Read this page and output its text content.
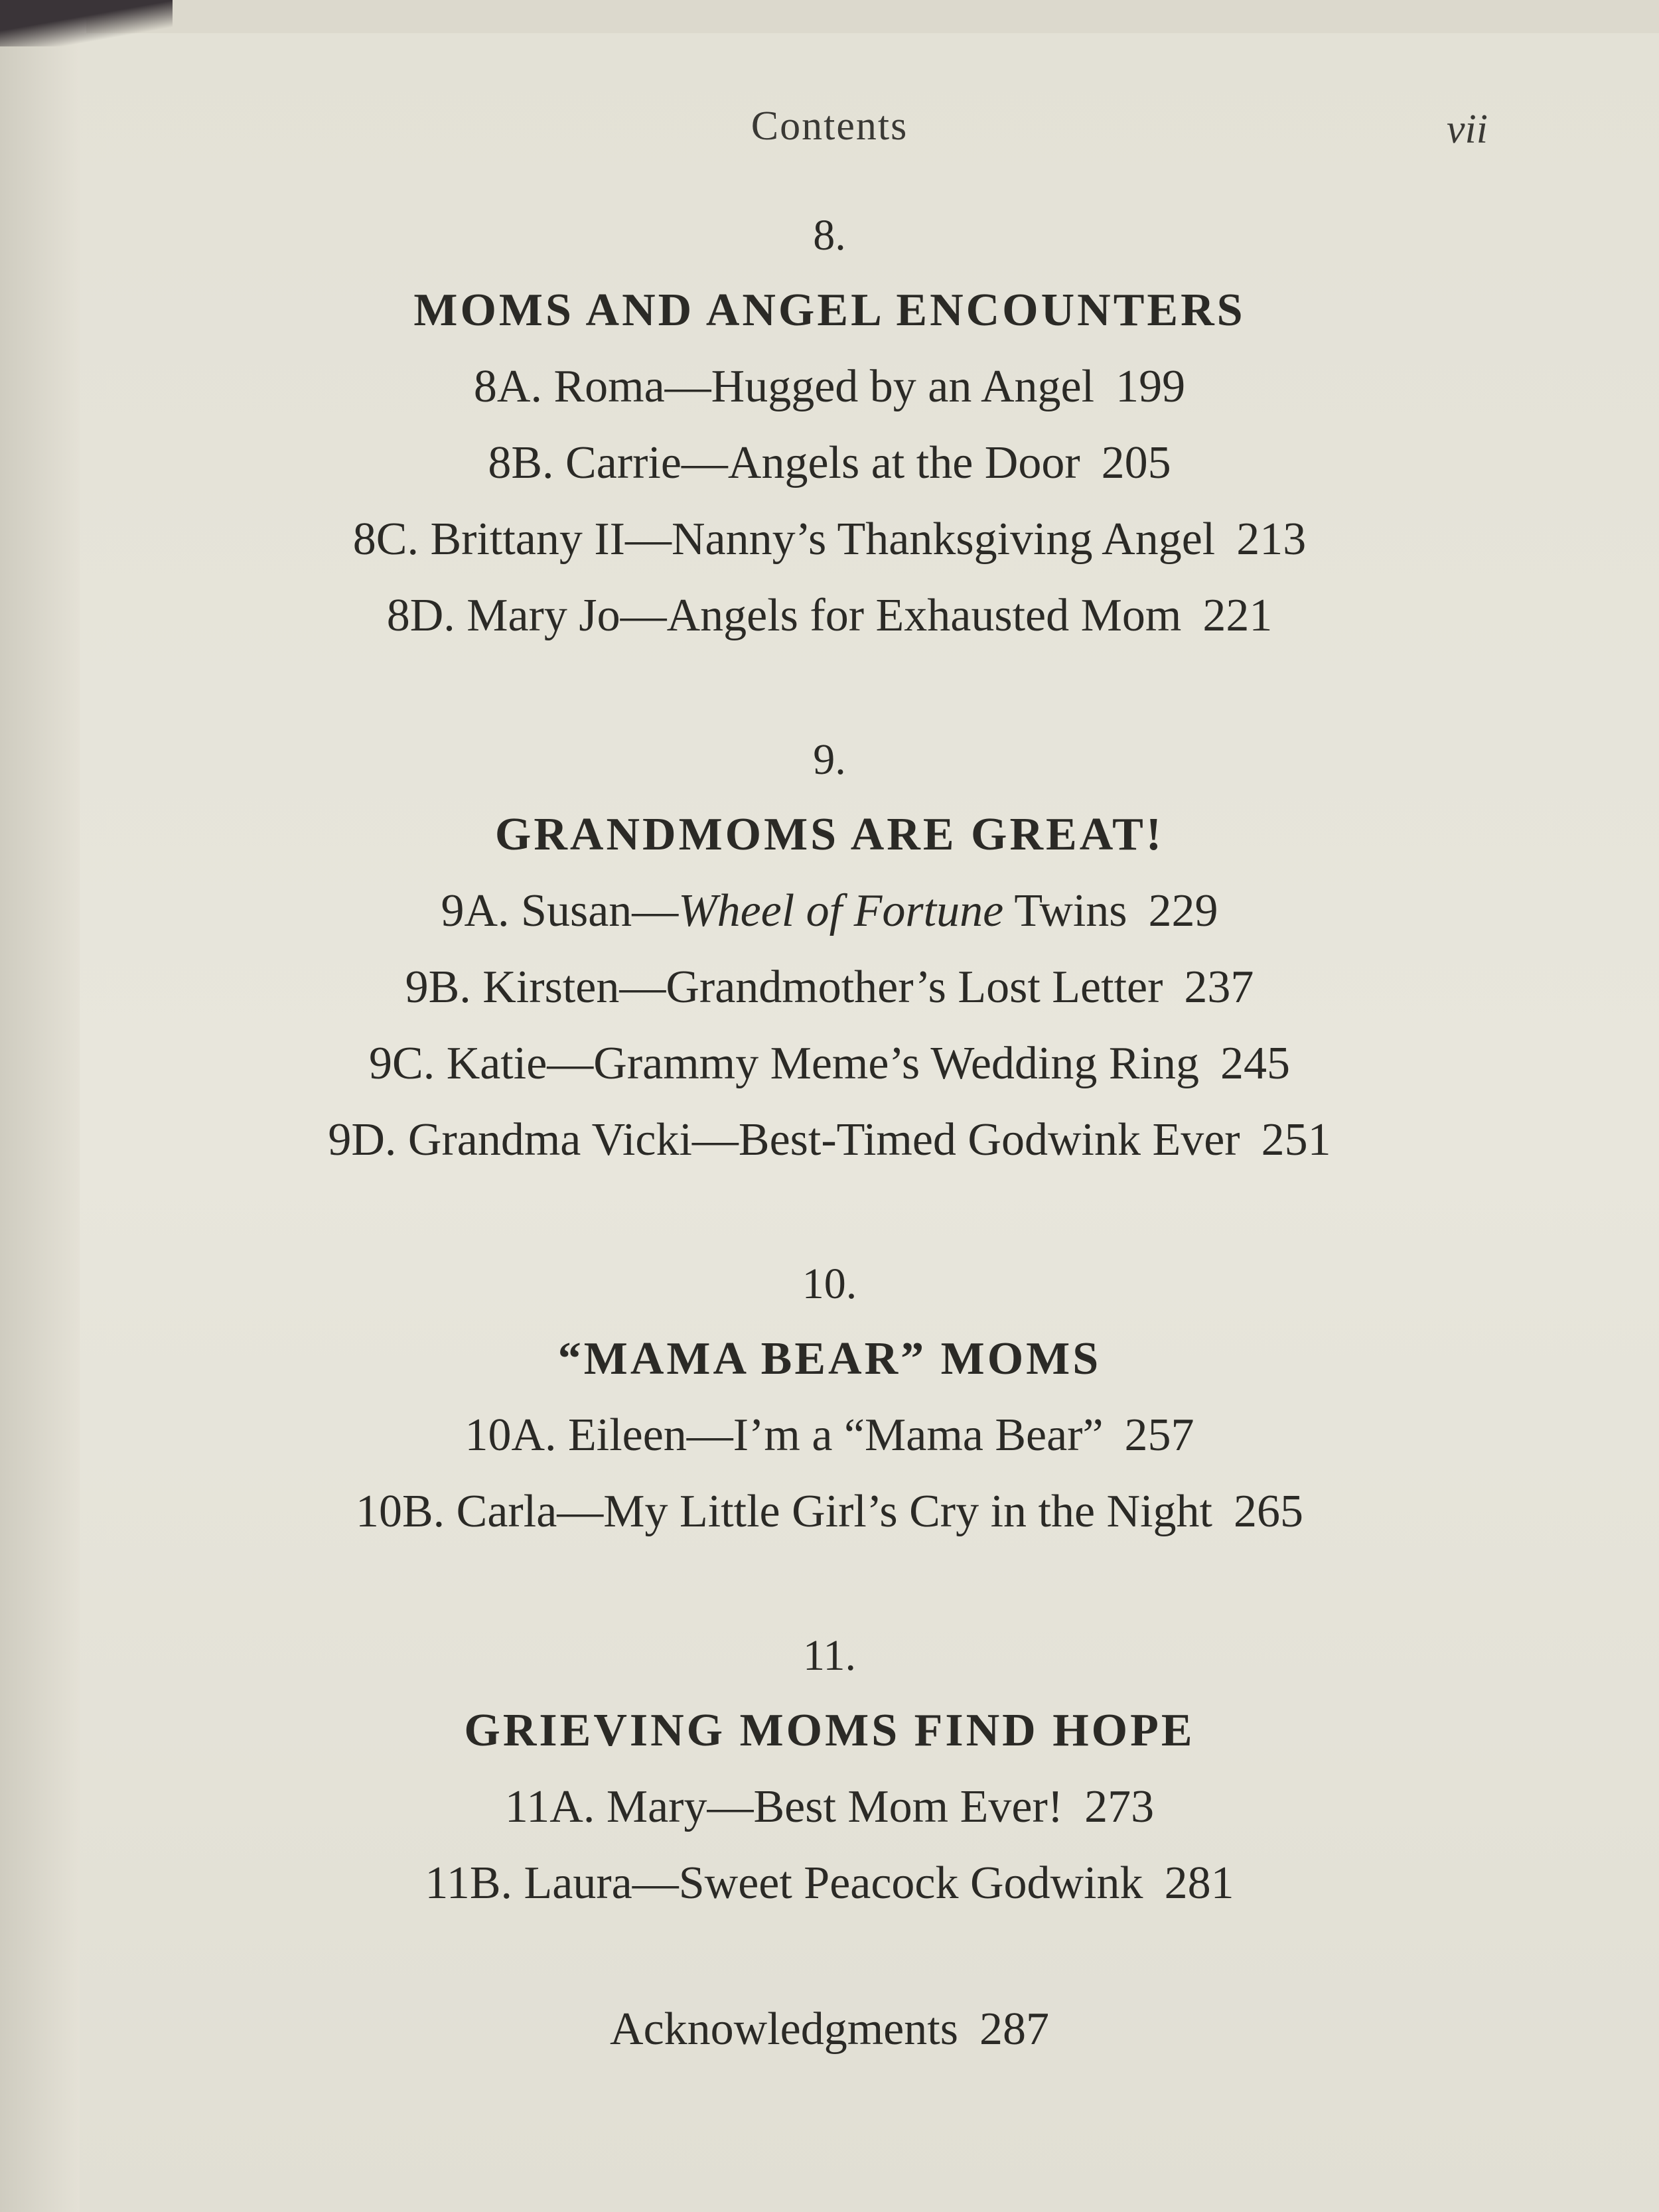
Contents	vii
8.
MOMS AND ANGEL ENCOUNTERS
8A. Roma—Hugged by an Angel 199
8B. Carrie—Angels at the Door 205
8C. Brittany II—Nanny’s Thanksgiving Angel 213
8D. Mary Jo—Angels for Exhausted Mom 221
9.
GRANDMOMS ARE GREAT!
9A. Susan—Wheel of Fortune Twins 229
9B. Kirsten—Grandmother’s Lost Letter 237
9C. Katie—Grammy Meme’s Wedding Ring 245
9D. Grandma Vicki—Best-Timed Godwink Ever 251
10.
“MAMA BEAR” MOMS
10A. Eileen—I’m a “Mama Bear” 257
10B. Carla—My Little Girl’s Cry in the Night 265
11.
GRIEVING MOMS FIND HOPE
11A. Mary—Best Mom Ever! 273
11B. Laura—Sweet Peacock Godwink 281
Acknowledgments 287
